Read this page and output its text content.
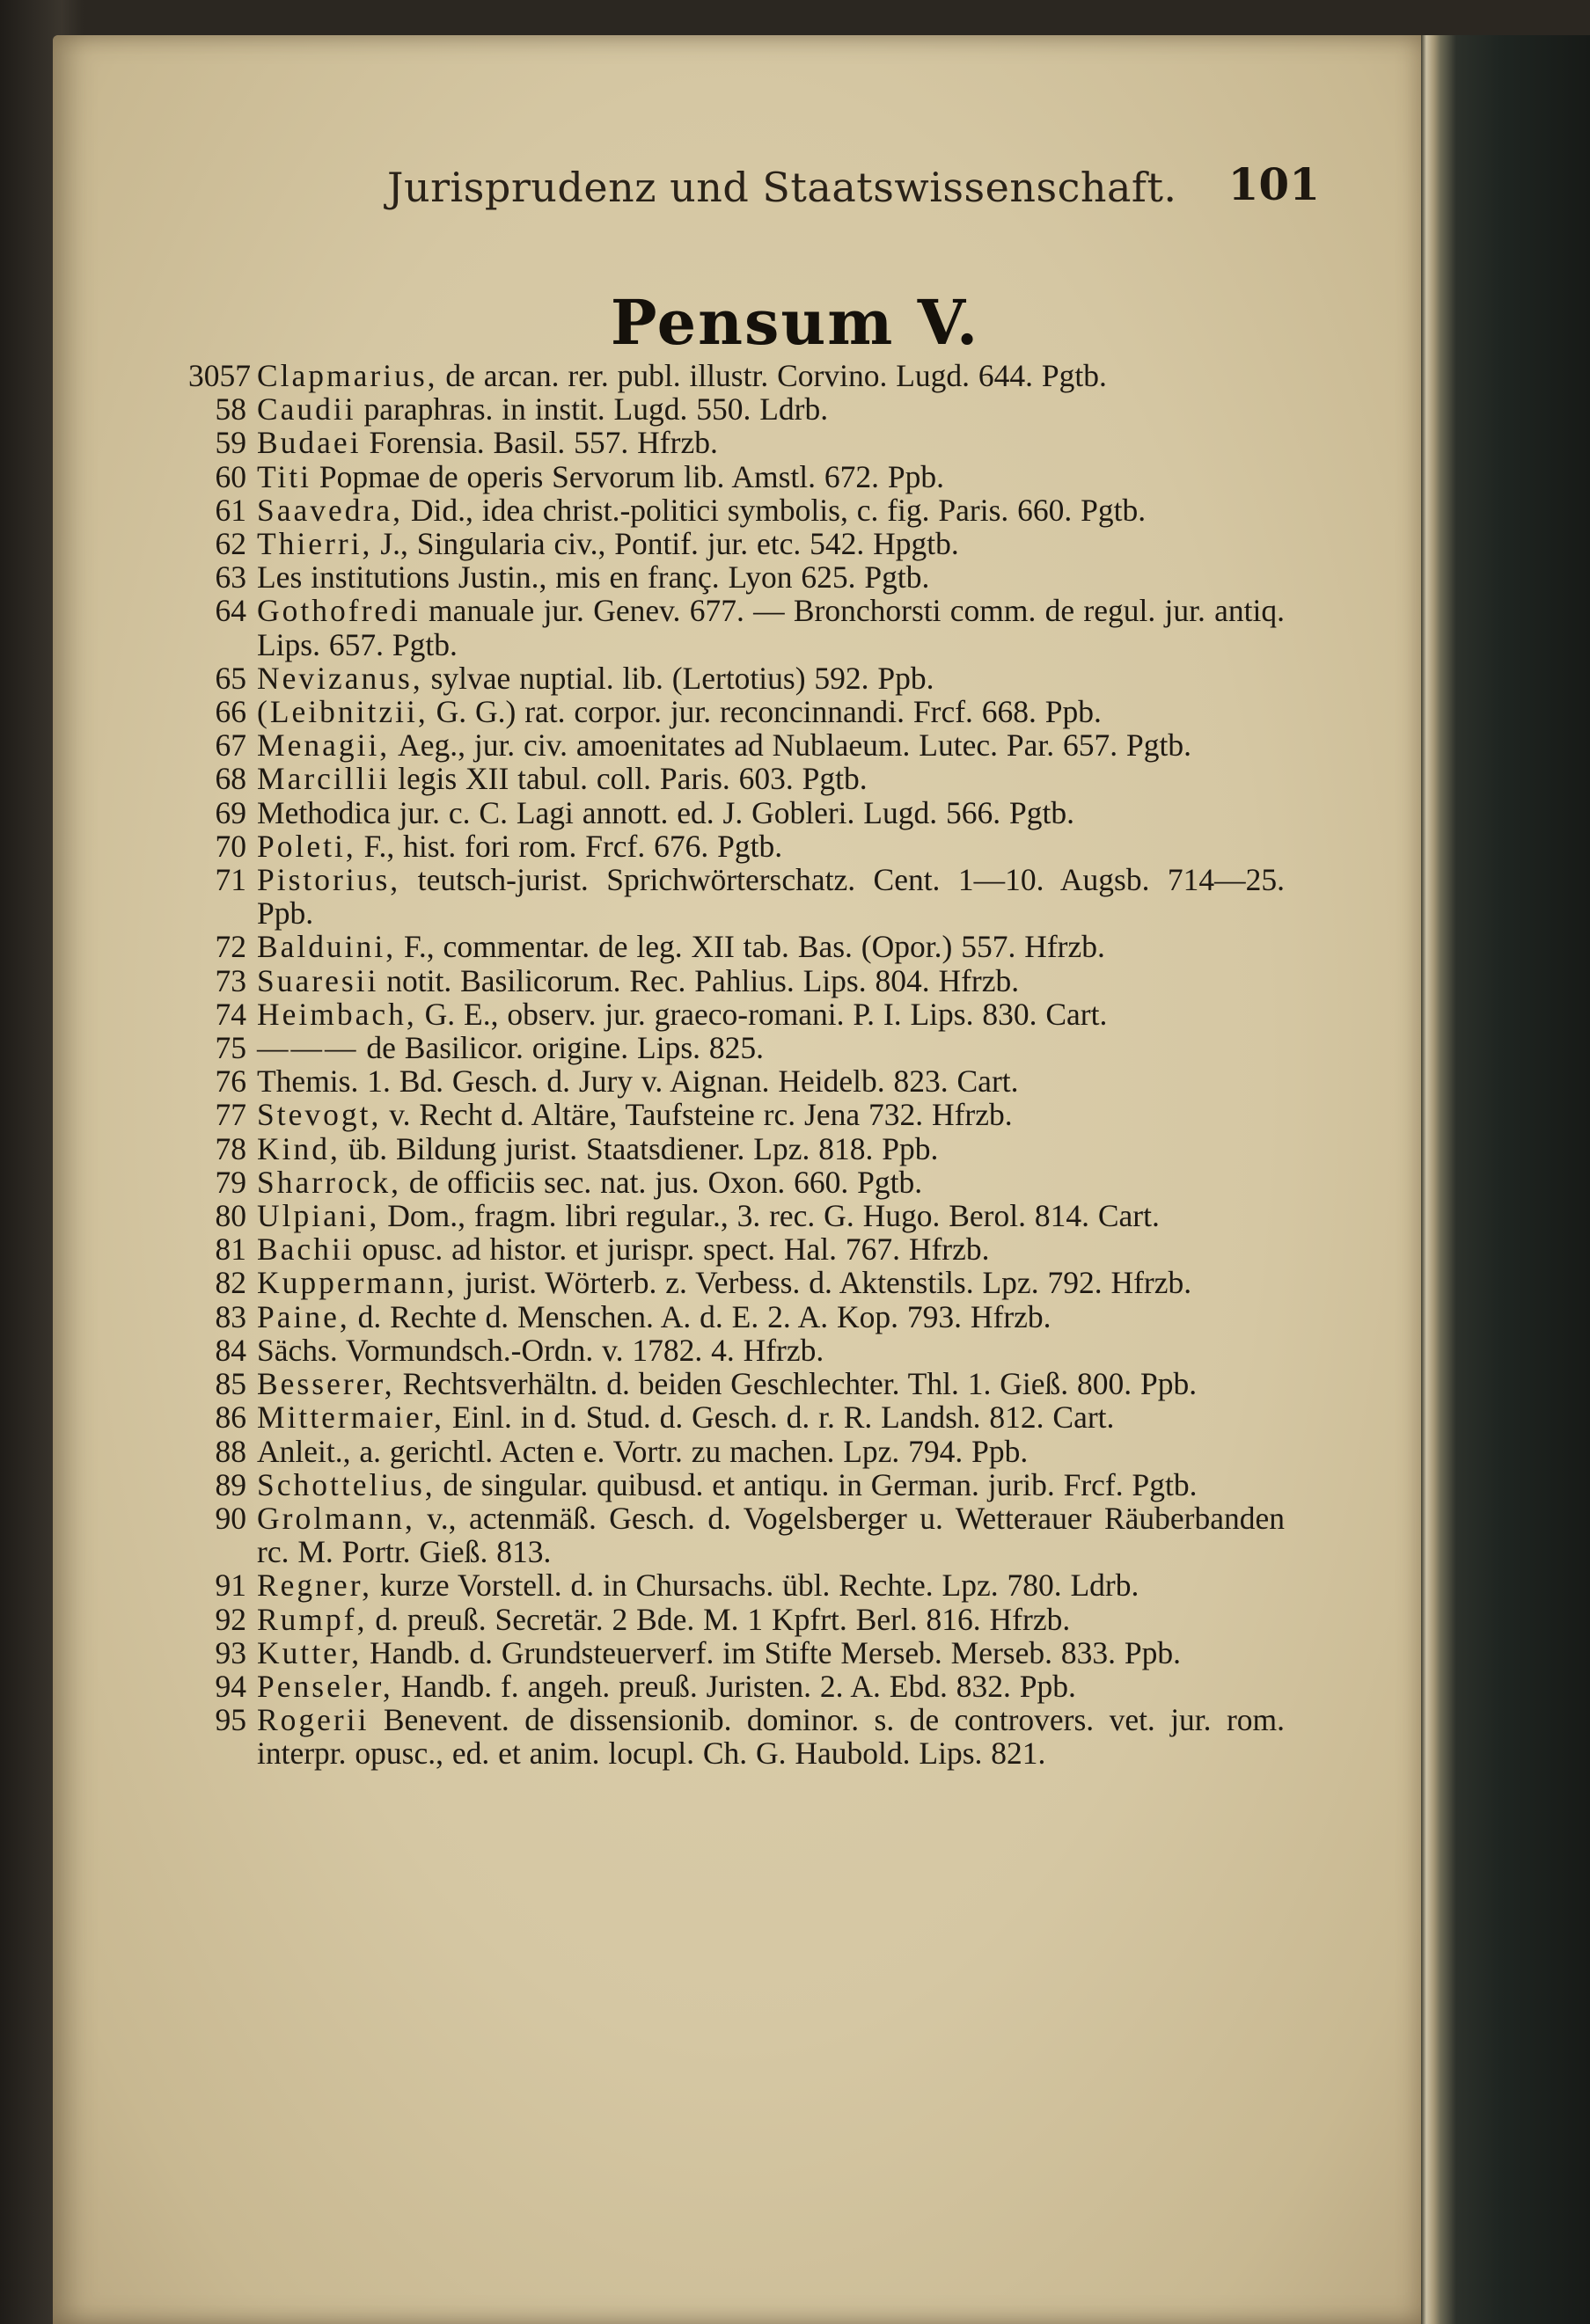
Jurisprudenz und Staatswissenschaft. 101
Pensum V.

3057 Clapmarius, de arcan. rer. publ. illustr. Corvino. Lugd. 644. Pgtb.

58 Caudii paraphras. in instit. Lugd. 550. Ldrb.

59 Budaei Forensia. Basil. 557. Hfrzb.

60 Titi Popmae de operis Servorum lib. Amstl. 672. Ppb.

61 Saavedra, Did., idea christ.-politici symbolis, c. fig. Paris. 660. Pgtb.

62 Thierri, J., Singularia civ., Pontif. jur. etc. 542. Hpgtb.

63 Les institutions Justin., mis en franç. Lyon 625. Pgtb.

64 Gothofredi manuale jur. Genev. 677. — Bronchorsti comm. de regul. jur. antiq. Lips. 657. Pgtb.

65 Nevizanus, sylvae nuptial. lib. (Lertotius) 592. Ppb.

66 (Leibnitzii, G. G.) rat. corpor. jur. reconcinnandi. Frcf. 668. Ppb.

67 Menagii, Aeg., jur. civ. amoenitates ad Nublaeum. Lutec. Par. 657. Pgtb.

68 Marcillii legis XII tabul. coll. Paris. 603. Pgtb.

69 Methodica jur. c. C. Lagi annott. ed. J. Gobleri. Lugd. 566. Pgtb.

70 Poleti, F., hist. fori rom. Frcf. 676. Pgtb.

71 Pistorius, teutsch-jurist. Sprichwörterschatz. Cent. 1—10. Augsb. 714—25. Ppb.

72 Balduini, F., commentar. de leg. XII tab. Bas. (Opor.) 557. Hfrzb.

73 Suaresii notit. Basilicorum. Rec. Pahlius. Lips. 804. Hfrzb.

74 Heimbach, G. E., observ. jur. graeco-romani. P. I. Lips. 830. Cart.

75 ——— de Basilicor. origine. Lips. 825.

76 Themis. 1. Bd. Gesch. d. Jury v. Aignan. Heidelb. 823. Cart.

77 Stevogt, v. Recht d. Altäre, Taufsteine rc. Jena 732. Hfrzb.

78 Kind, üb. Bildung jurist. Staatsdiener. Lpz. 818. Ppb.

79 Sharrock, de officiis sec. nat. jus. Oxon. 660. Pgtb.

80 Ulpiani, Dom., fragm. libri regular., 3. rec. G. Hugo. Berol. 814. Cart.

81 Bachii opusc. ad histor. et jurispr. spect. Hal. 767. Hfrzb.

82 Kuppermann, jurist. Wörterb. z. Verbess. d. Aktenstils. Lpz. 792. Hfrzb.

83 Paine, d. Rechte d. Menschen. A. d. E. 2. A. Kop. 793. Hfrzb.

84 Sächs. Vormundsch.-Ordn. v. 1782. 4. Hfrzb.

85 Besserer, Rechtsverhältn. d. beiden Geschlechter. Thl. 1. Gieß. 800. Ppb.

86 Mittermaier, Einl. in d. Stud. d. Gesch. d. r. R. Landsh. 812. Cart.

88 Anleit., a. gerichtl. Acten e. Vortr. zu machen. Lpz. 794. Ppb.

89 Schottelius, de singular. quibusd. et antiqu. in German. jurib. Frcf. Pgtb.

90 Grolmann, v., actenmäß. Gesch. d. Vogelsberger u. Wetterauer Räuberbanden rc. M. Portr. Gieß. 813.

91 Regner, kurze Vorstell. d. in Chursachs. übl. Rechte. Lpz. 780. Ldrb.

92 Rumpf, d. preuß. Secretär. 2 Bde. M. 1 Kpfrt. Berl. 816. Hfrzb.

93 Kutter, Handb. d. Grundsteuerverf. im Stifte Merseb. Merseb. 833. Ppb.

94 Penseler, Handb. f. angeh. preuß. Juristen. 2. A. Ebd. 832. Ppb.

95 Rogerii Benevent. de dissensionib. dominor. s. de controvers. vet. jur. rom. interpr. opusc., ed. et anim. locupl. Ch. G. Haubold. Lips. 821.
